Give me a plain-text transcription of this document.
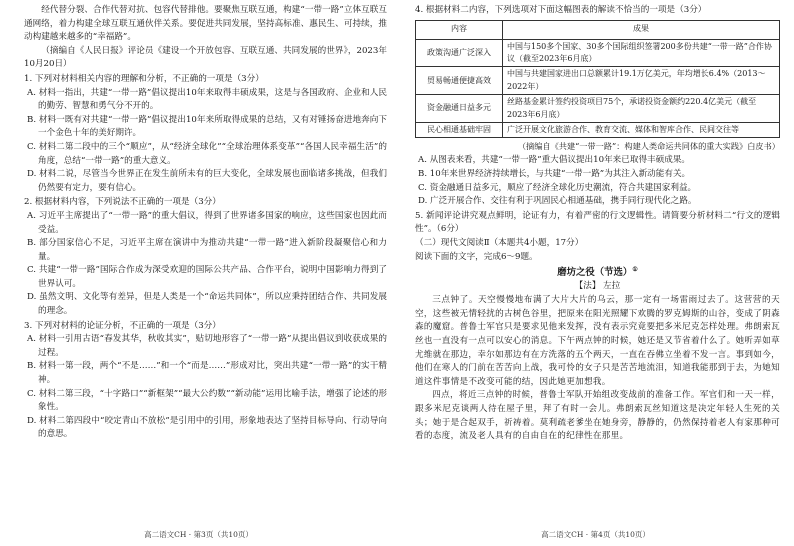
经代替分裂、合作代替对抗、包容代替排他。要聚焦互联互通，构建“一带一路”立体互联互通网络，着力构建全球互联互通伙伴关系。要促进共同发展，坚持高标准、惠民生、可持续，推动构建越来越多的“幸福路”。

（摘编自《人民日报》评论员《建设一个开放包容、互联互通、共同发展的世界》，2023年10月20日）

1. 下列对材料相关内容的理解和分析，不正确的一项是（3分）

A. 材料一指出，共建“一带一路”倡议提出10年来取得丰硕成果，这是与各国政府、企业和人民的勤劳、智慧和勇气分不开的。

B. 材料一既有对共建“一带一路”倡议提出10年来所取得成果的总结，又有对锤扬奋进地奔向下一个金色十年的美好期许。

C. 材料二第二段中的三个“顺应”，从“经济全球化”“全球治理体系变革”“各国人民幸福生活”的角度，总结“一带一路”的重大意义。

D. 材料二说，尽管当今世界正在发生前所未有的巨大变化，全球发展也面临诸多挑战，但我们仍然要有定力，要有信心。

2. 根据材料内容，下列说法不正确的一项是（3分）

A. 习近平主席提出了“一带一路”的重大倡议，得到了世界诸多国家的响应，这些国家也因此而受益。

B. 部分国家信心不足，习近平主席在演讲中为推动共建“一带一路”进入新阶段凝聚信心和力量。

C. 共建“一带一路”国际合作成为深受欢迎的国际公共产品、合作平台，说明中国影响力得到了世界认可。

D. 虽然文明、文化等有差异，但是人类是一个“命运共同体”，所以应秉持团结合作、共同发展的理念。

3. 下列对材料的论证分析，不正确的一项是（3分）

A. 材料一引用古语“春发其华，秋收其实”，贴切地形容了“一带一路”从提出倡议到收获成果的过程。

B. 材料一第一段，两个“不是……”和一个“而是……”形成对比，突出共建“一带一路”的实干精神。

C. 材料二第三段，“十字路口”“新框架”“最大公约数”“新动能”运用比喻手法，增强了论述的形象性。

D. 材料二第四段中“咬定青山不放松”是引用中的引用，形象地表达了坚持目标导向、行动导向的意思。

高二语文CH · 第3页（共10页）

4. 根据材料二内容，下列选项对下面这幅图表的解读不恰当的一项是（3分）

内容	成果
政策沟通广泛深入	中国与150多个国家、30多个国际组织签署200多份共建“一带一路”合作协议（截至2023年6月底）
贸易畅通便捷高效	中国与共建国家进出口总额累计19.1万亿美元，年均增长6.4%（2013～2022年）
资金融通日益多元	丝路基金累计签约投资项目75个，承诺投资金额约220.4亿美元（截至2023年6月底）
民心相通基础牢固	广泛开展文化旅游合作、教育交流、媒体和智库合作、民间交往等

（摘编自《共建“一带一路”：构建人类命运共同体的重大实践》白皮书）

A. 从图表来看，共建“一带一路”重大倡议提出10年来已取得丰硕成果。

B. 10年来世界经济持续增长，与共建“一带一路”为其注入新动能有关。

C. 资金融通日益多元，顺应了经济全球化历史潮流，符合共建国家利益。

D. 广泛开展合作、交往有利于巩固民心相通基础，携手同行现代化之路。

5. 新闻评论讲究观点鲜明，论证有力，有着严密的行文逻辑性。请简要分析材料二“行文的逻辑性”。（6分）

（二）现代文阅读Ⅱ（本题共4小题，17分）

阅读下面的文字，完成6～9题。

磨坊之役（节选）①

【法】 左拉

三点钟了。天空慢慢地布满了大片大片的乌云，那一定有一场雷雨过去了。这营营的天空，这些被无情轻扰的古树色谷里，把原来在阳光照耀下欢腾的罗克姆斯的山谷，变成了阴森森的魔窟。普鲁士军官只是要求见他来发挥，没有表示究竟要把多米尼克怎样处理。弗朗索瓦丝也一直没有一点可以安心的消息。下午两点钟的时候，她还是又节省着什么了。她听弄如草尤维就在那边，幸尔如那边有在方洗落的五个两天，一直在吞佛立坐着不发一言。事到如今，他们在寒人的门前在苦苦向上战，我可怜的女子只是苦苦地流泪，知道我能那到于去，为她知道这件事情是不改变可能的结，因此她更加想我。

四点，将近三点钟的时候，普鲁士军队开始组改变战前的准备工作。军官们和一天一样，跟多米尼克谈两人待在屋子里，拜了有时一会儿。弗朗索瓦丝知道这是决定年轻人生死的关头；她于是合起双手，祈祷着。莫利疏老爹坐在她身旁，静静的，仍然保持着老人有家那种可看的态度，流及老人具有的自由自在的纪律性在那里。

高二语文CH · 第4页（共10页）
